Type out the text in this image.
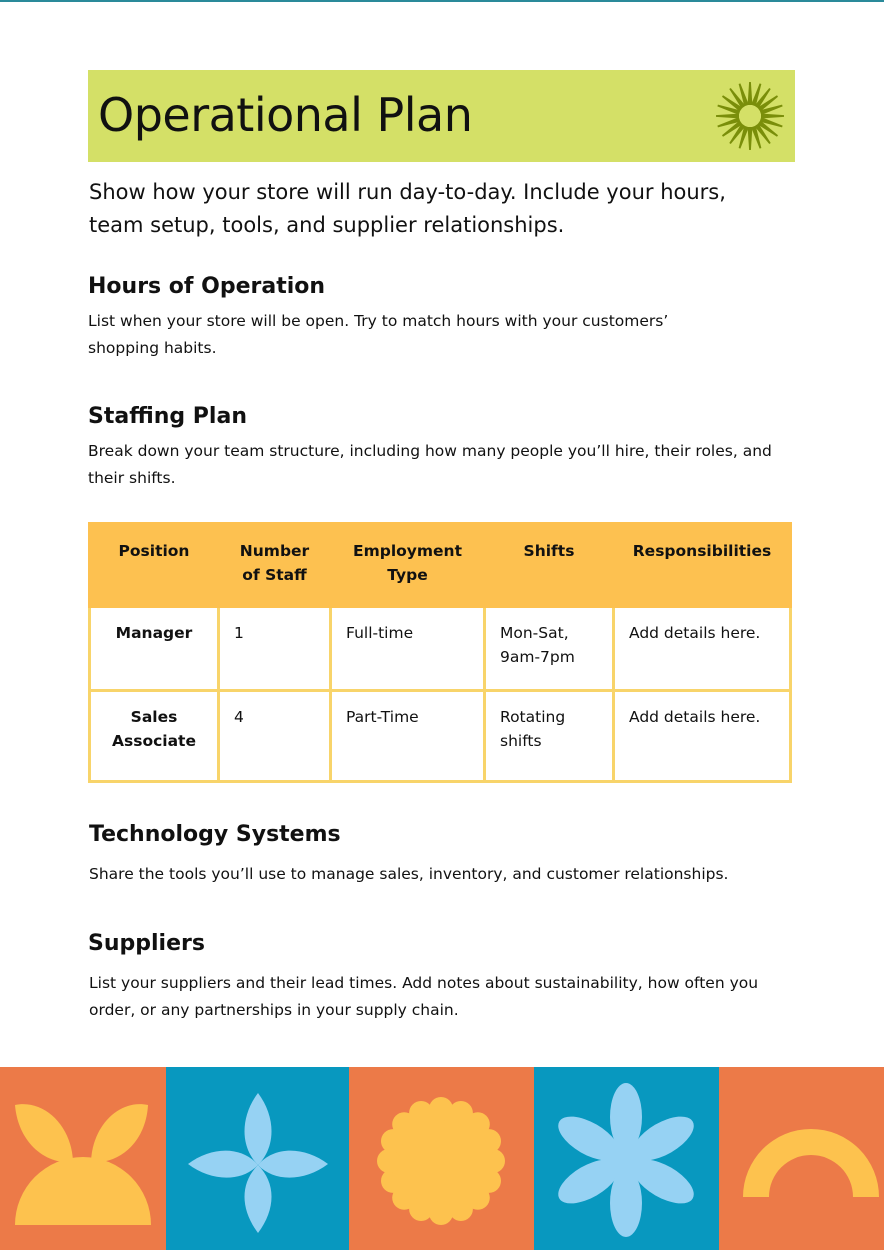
Operational Plan
Show how your store will run day-to-day. Include your hours, team setup, tools, and supplier relationships.
Hours of Operation
List when your store will be open. Try to match hours with your customers’ shopping habits.
Staffing Plan
Break down your team structure, including how many people you’ll hire, their roles, and their shifts.
Position	Number of Staff	Employment Type	Shifts	Responsibilities
Manager	1	Full-time	Mon-Sat, 9am-7pm	Add details here.
Sales Associate	4	Part-Time	Rotating shifts	Add details here.
Technology Systems
Share the tools you’ll use to manage sales, inventory, and customer relationships.
Suppliers
List your suppliers and their lead times. Add notes about sustainability, how often you order, or any partnerships in your supply chain.
